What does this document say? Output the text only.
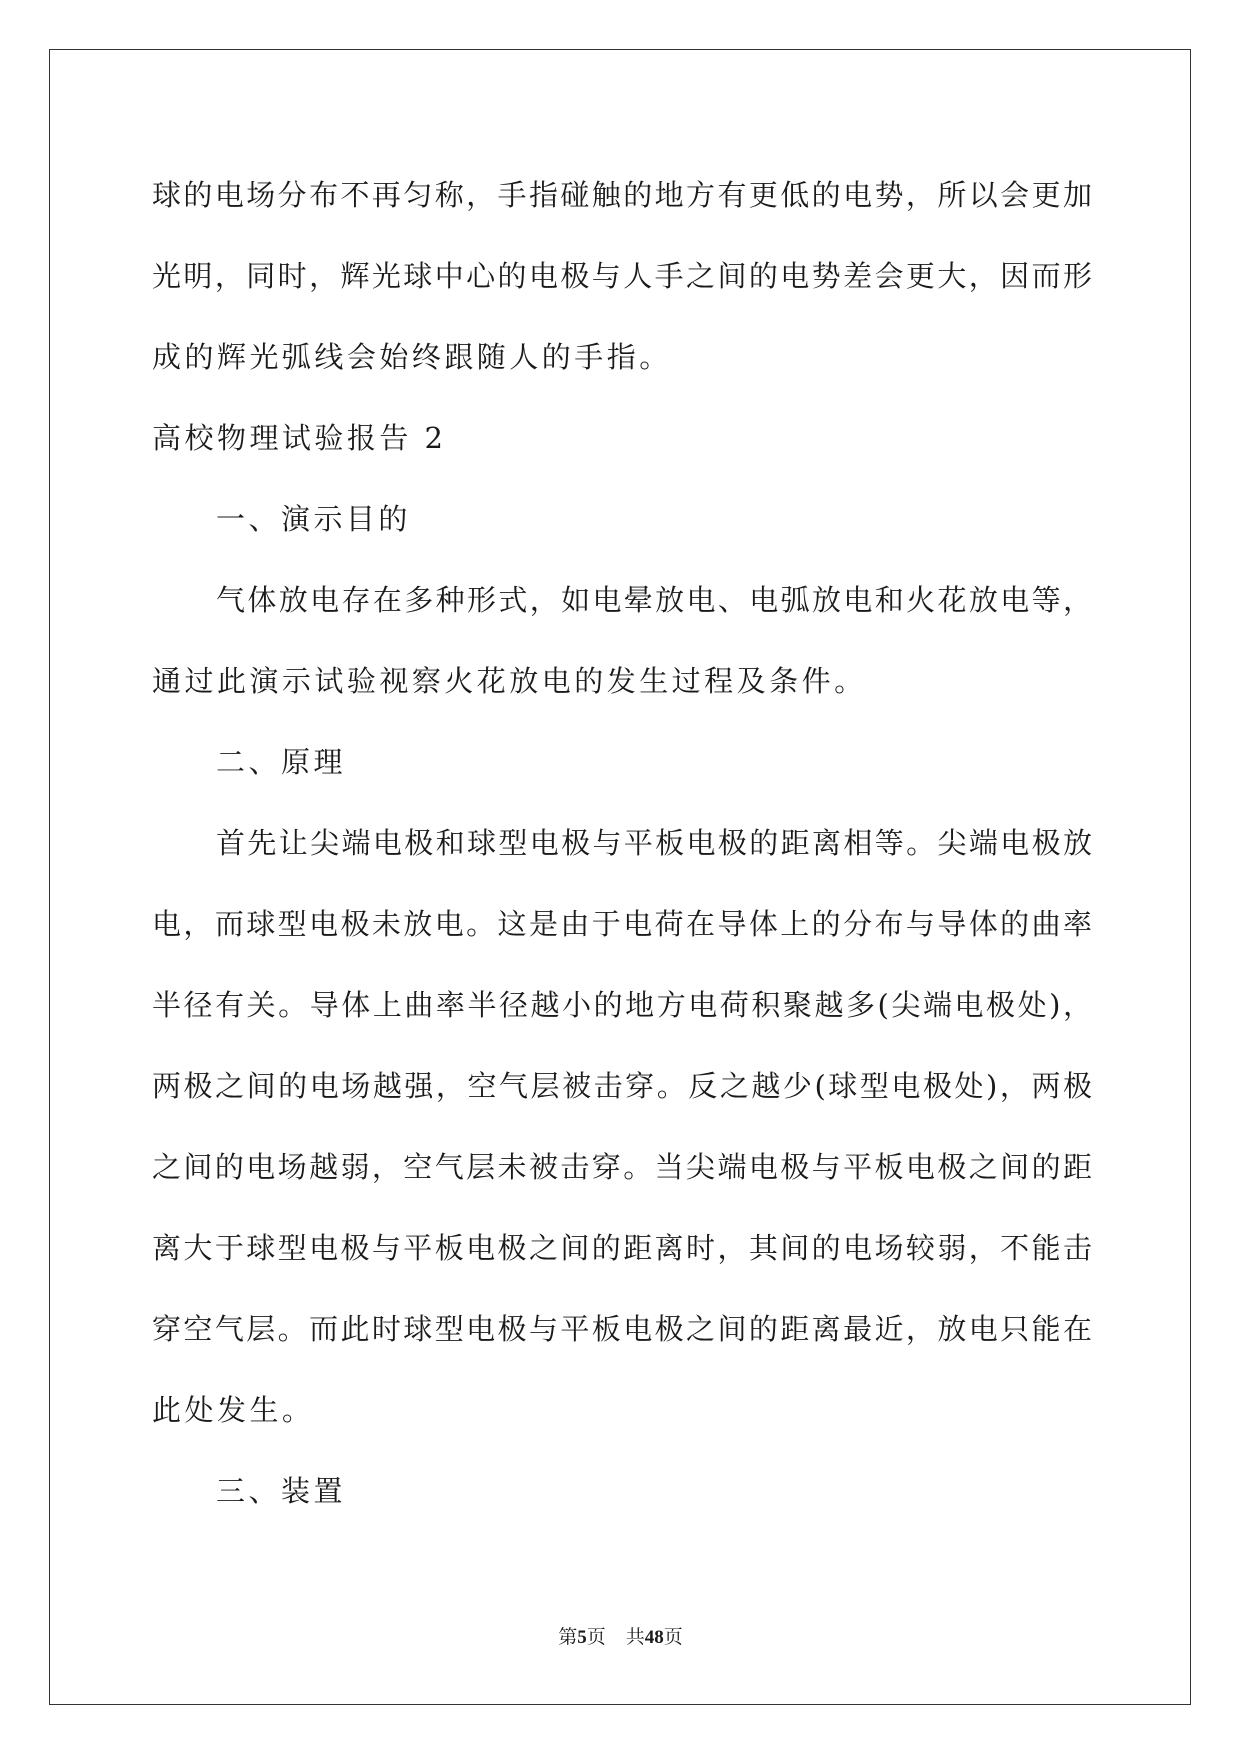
球的电场分布不再匀称，手指碰触的地方有更低的电势，所以会更加
光明，同时，辉光球中心的电极与人手之间的电势差会更大，因而形
成的辉光弧线会始终跟随人的手指。
高校物理试验报告 2
一、演示目的
气体放电存在多种形式，如电晕放电、电弧放电和火花放电等，
通过此演示试验视察火花放电的发生过程及条件。
二、原理
首先让尖端电极和球型电极与平板电极的距离相等。尖端电极放
电，而球型电极未放电。这是由于电荷在导体上的分布与导体的曲率
半径有关。导体上曲率半径越小的地方电荷积聚越多(尖端电极处)，
两极之间的电场越强，空气层被击穿。反之越少(球型电极处)，两极
之间的电场越弱，空气层未被击穿。当尖端电极与平板电极之间的距
离大于球型电极与平板电极之间的距离时，其间的电场较弱，不能击
穿空气层。而此时球型电极与平板电极之间的距离最近，放电只能在
此处发生。
三、装置
第5页 共48页
